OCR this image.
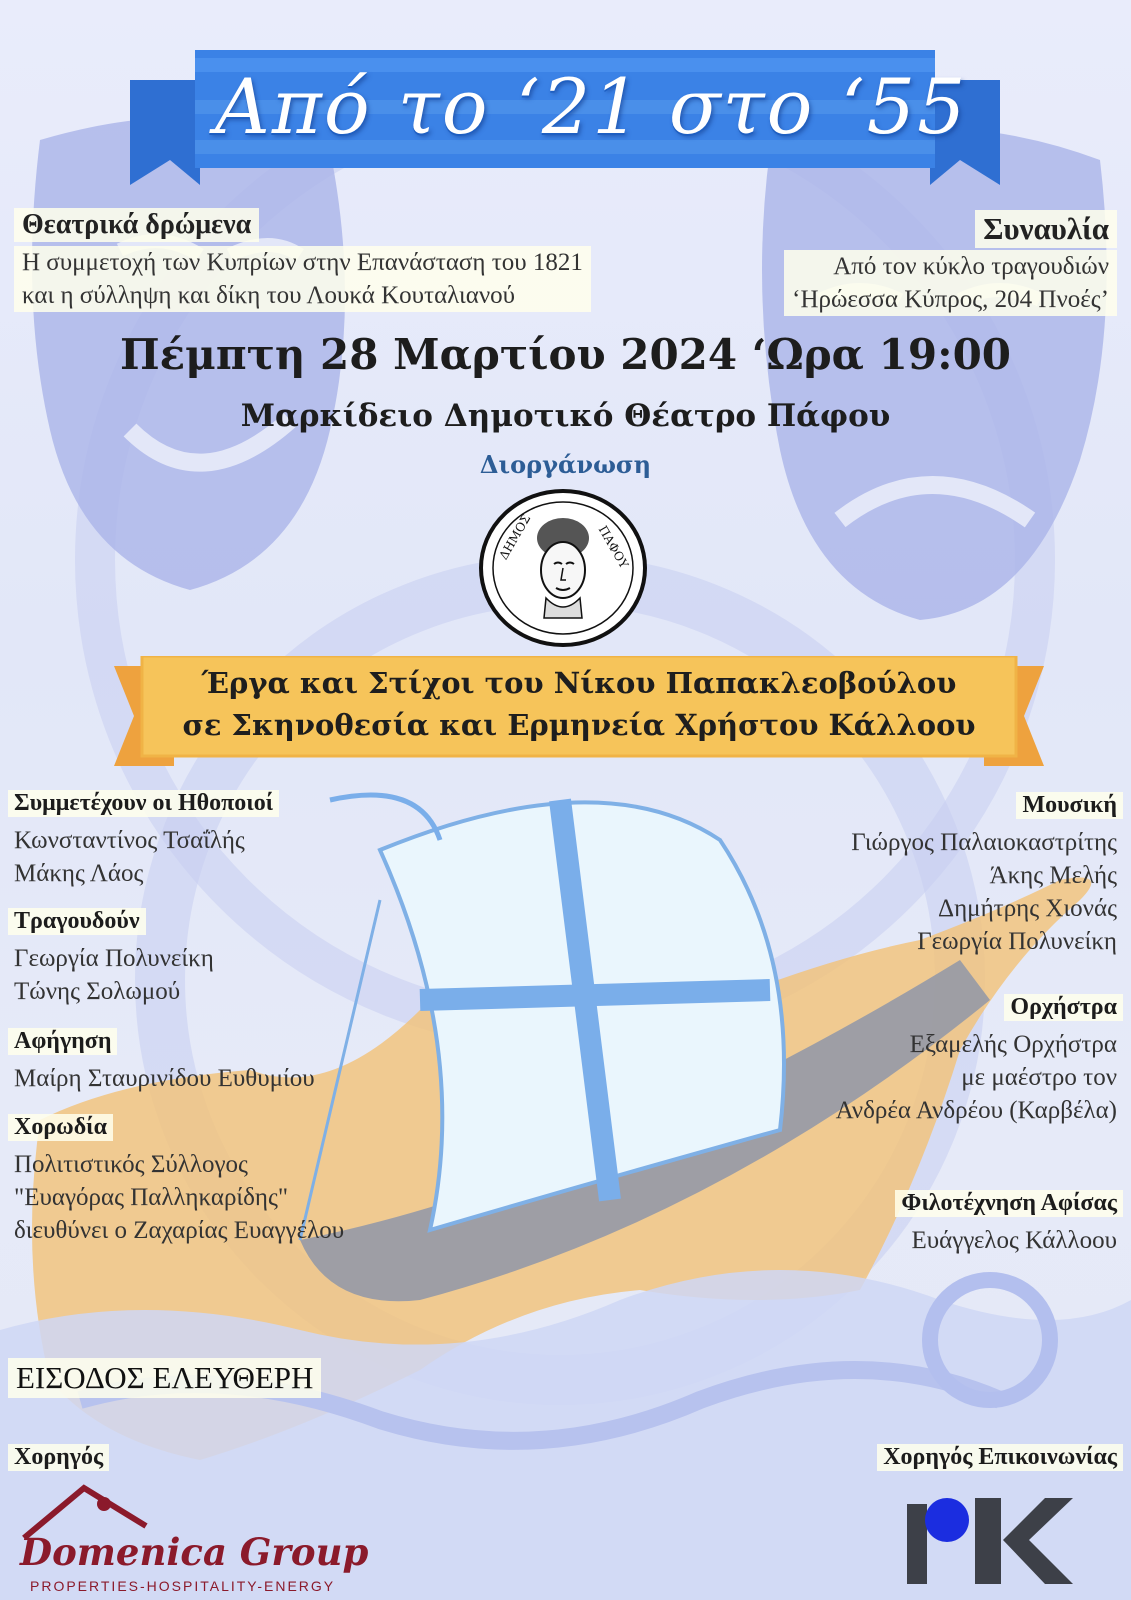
Από το ‘21 στο ‘55
Θεατρικά δρώμενα
Η συμμετοχή των Κυπρίων στην Επανάσταση του 1821
και η σύλληψη και δίκη του Λουκά Κουταλιανού
Συναυλία
Από τον κύκλο τραγουδιών
‘Ηρώεσσα Κύπρος, 204 Πνοές’
Πέμπτη 28 Μαρτίου 2024 ‘Ωρα 19:00
Μαρκίδειο Δημοτικό Θέατρο Πάφου
Διοργάνωση
ΔΗΜΟΣ	ΠΑΦΟΥ
Έργα και Στίχοι του Νίκου Παπακλεοβούλου
σε Σκηνοθεσία και Ερμηνεία Χρήστου Κάλλοου
Συμμετέχουν οι Ηθοποιοί
Κωνσταντίνος Τσαΐλής
Μάκης Λάος
Τραγουδούν
Γεωργία Πολυνείκη
Τώνης Σολωμού
Αφήγηση
Μαίρη Σταυρινίδου Ευθυμίου
Χορωδία
Πολιτιστικός Σύλλογος
"Ευαγόρας Παλληκαρίδης"
διευθύνει ο Ζαχαρίας Ευαγγέλου
Μουσική
Γιώργος Παλαιοκαστρίτης
Άκης Μελής
Δημήτρης Χιονάς
Γεωργία Πολυνείκη
Ορχήστρα
Εξαμελής Ορχήστρα
με μαέστρο τον
Ανδρέα Ανδρέου (Καρβέλα)
Φιλοτέχνηση Αφίσας
Ευάγγελος Κάλλοου
ΕΙΣΟΔΟΣ ΕΛΕΥΘΕΡΗ
Χορηγός
Domenica Group
PROPERTIES-HOSPITALITY-ENERGY
Χορηγός Επικοινωνίας
